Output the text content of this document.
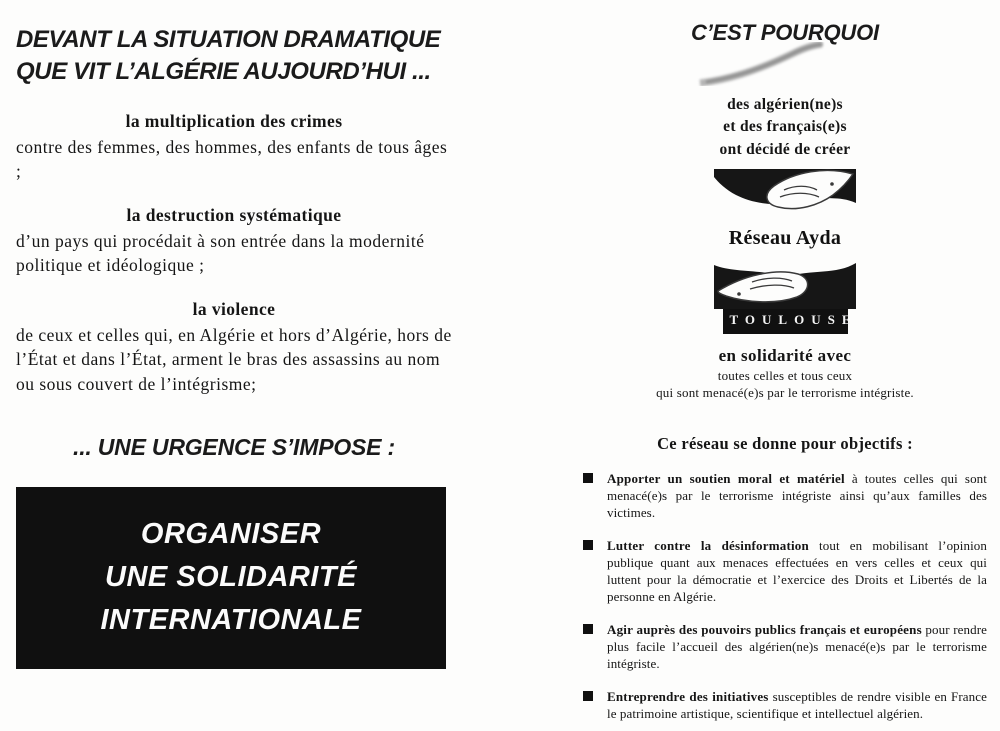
DEVANT LA SITUATION DRAMATIQUE
QUE VIT L’ALGÉRIE AUJOURD’HUI ...
la multiplication des crimes
contre des femmes, des hommes, des enfants de tous âges ;
la destruction systématique
d’un pays qui procédait à son entrée dans la modernité politique et idéologique ;
la violence
de ceux et celles qui, en Algérie et hors d’Algérie, hors de l’État et dans l’État, arment le bras des assassins au nom ou sous couvert de l’intégrisme;
... UNE URGENCE S’IMPOSE :
ORGANISER
UNE SOLIDARITÉ
INTERNATIONALE
C’EST POURQUOI
des algérien(ne)s
et des français(e)s
ont décidé de créer
Réseau Ayda
TOULOUSE
en solidarité avec
toutes celles et tous ceux
qui sont menacé(e)s par le terrorisme intégriste.
Ce réseau se donne pour objectifs :
Apporter un soutien moral et matériel à toutes celles qui sont menacé(e)s par le terrorisme intégriste ainsi qu’aux familles des victimes.
Lutter contre la désinformation tout en mobilisant l’opinion publique quant aux menaces effectuées en vers celles et ceux qui luttent pour la démocratie et l’exercice des Droits et Libertés de la personne en Algérie.
Agir auprès des pouvoirs publics français et européens pour rendre plus facile l’accueil des algérien(ne)s menacé(e)s par le terrorisme intégriste.
Entreprendre des initiatives susceptibles de rendre visible en France le patrimoine artistique, scientifique et intellectuel algérien.
